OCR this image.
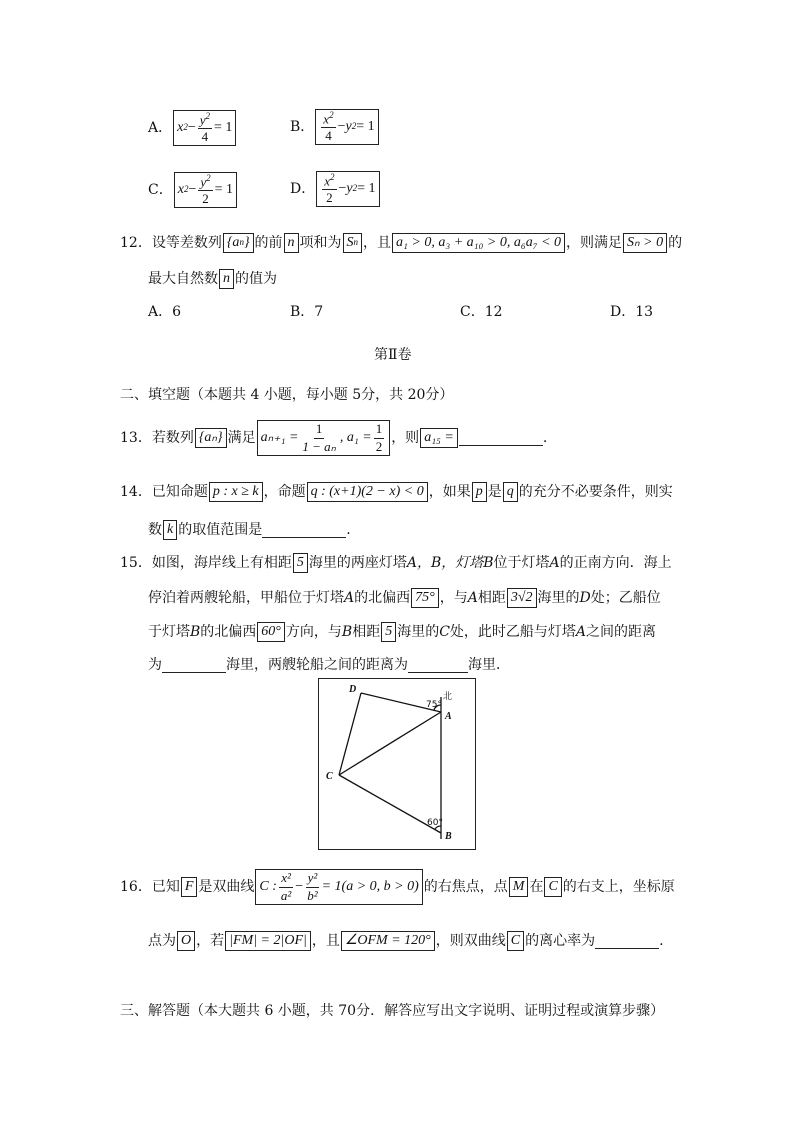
A． x $2 - \frac{y^2}{4} = 1$	B． $\frac{x^2}{4} - y$ 2 = 1
C． x $2 - \frac{y^2}{2} = 1$	D． $\frac{x^2}{2} - y$ 2 = 1
12． 设等差数列 {a n } 的前 n 项和为 S n ，且 a₁ > 0, a₃ + a₁₀ > 0, a₆a₇ < 0 ，则满足 Sₙ > 0 的
最大自然数 n 的值为
A．6	B．7	C．12	D．13
第Ⅱ卷
二、填空题（本题共 4 小题，每小题 5分，共 20分）
13． 若数列 {aₙ} 满足 $a_{n+1} = \frac{1}{\text{1 − aₙ}}$ , $a_1 = \frac{1}{2}$ ，则 a₁₅ =	.
14． 已知命题 p : x ≥ k ，命题 q : (x+1)(2 − x) < 0 ，如果 p 是 q 的充分不必要条件，则实
数 k 的取值范围是	.
15． 如图，海岸线上有相距 5 海里的两座灯塔 A，B，灯塔 B 位于灯塔 A 的正南方向．海上
停泊着两艘轮船，甲船位于灯塔 A 的北偏西 75° ，与 A 相距 3√2 海里的 D 处；乙船位
于灯塔 B 的北偏西 60° 方向，与 B 相距 5 海里的 C 处，此时乙船与灯塔 A 之间的距离
为	海里，两艘轮船之间的距离为	海里．
D
A
C
B
北
75°
60°
16． 已知 F 是双曲线 C : $\frac{\text{x²}}{\text{a²}} - \frac{\text{y²}}{\text{b²}} = 1(a > 0$, b > 0) 的右焦点，点 M 在 C 的右支上，坐标原
点为 O ，若 |FM| = 2|OF| ，且 ∠OFM = 120° ，则双曲线 C 的离心率为	.
三、解答题（本大题共 6 小题，共 70分．解答应写出文字说明、证明过程或演算步骤）
